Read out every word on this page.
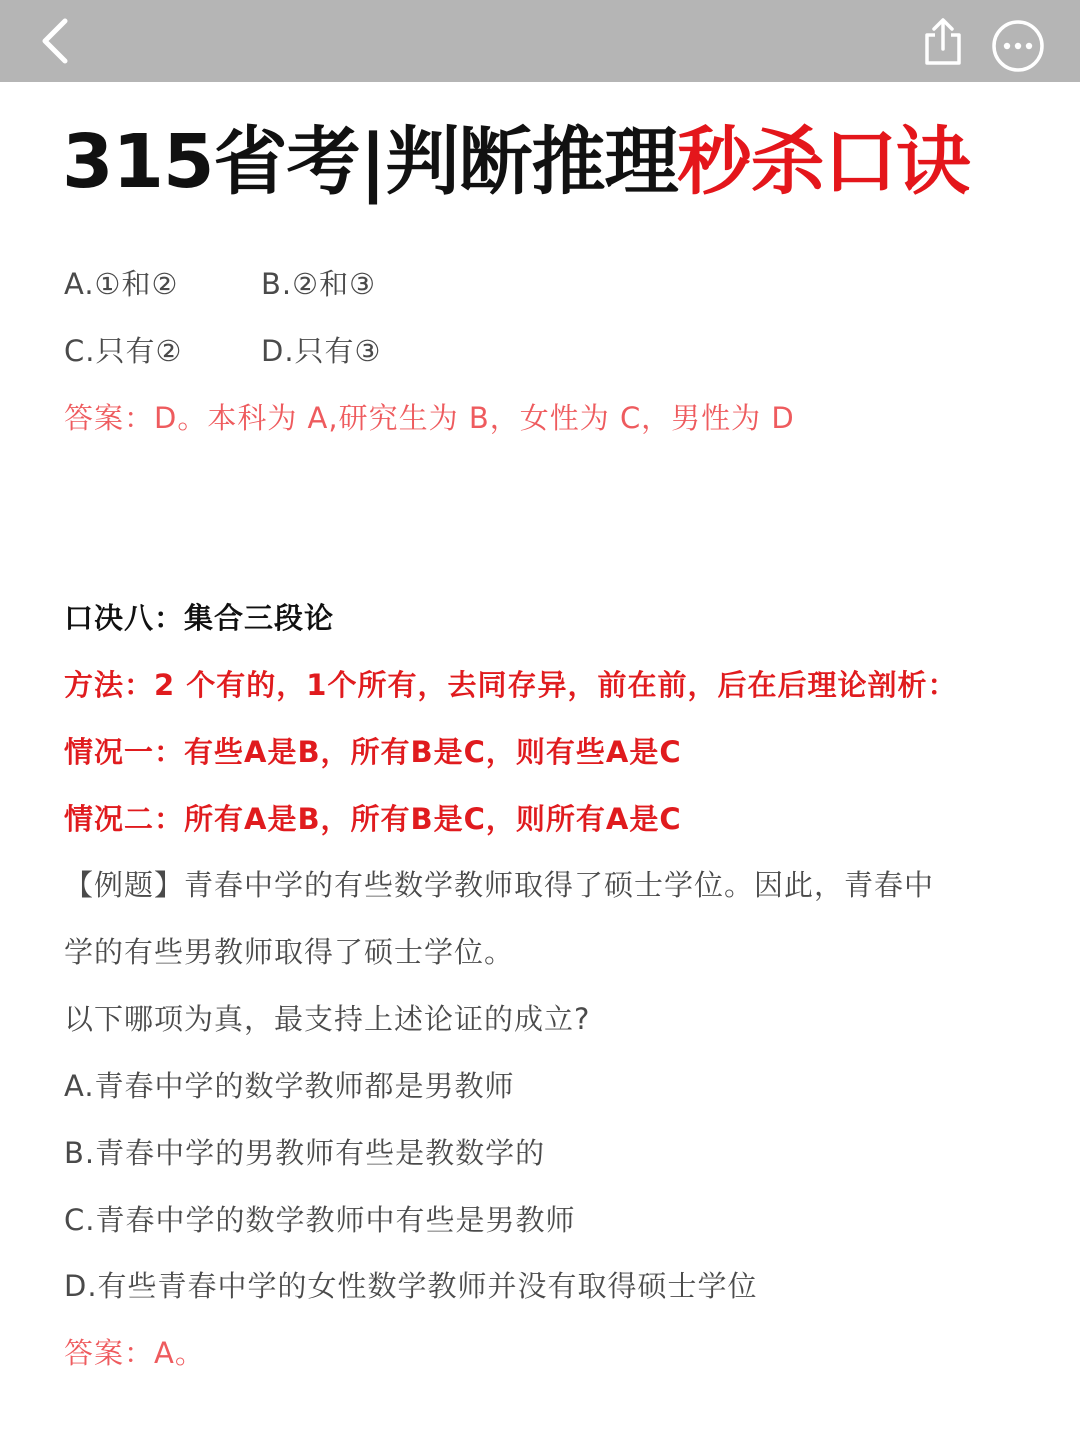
315省考|判断推理秒杀口诀
A.①和②	B.②和③
C.只有②	D.只有③
答案：D。本科为 A,研究生为 B，女性为 C，男性为 D
口决八：集合三段论
方法：2 个有的，1个所有，去同存异，前在前，后在后理论剖析：
情况一：有些A是B，所有B是C，则有些A是C
情况二：所有A是B，所有B是C，则所有A是C
【例题】青春中学的有些数学教师取得了硕士学位。因此，青春中
学的有些男教师取得了硕士学位。
以下哪项为真，最支持上述论证的成立?
A.青春中学的数学教师都是男教师
B.青春中学的男教师有些是教数学的
C.青春中学的数学教师中有些是男教师
D.有些青春中学的女性数学教师并没有取得硕士学位
答案：A。
